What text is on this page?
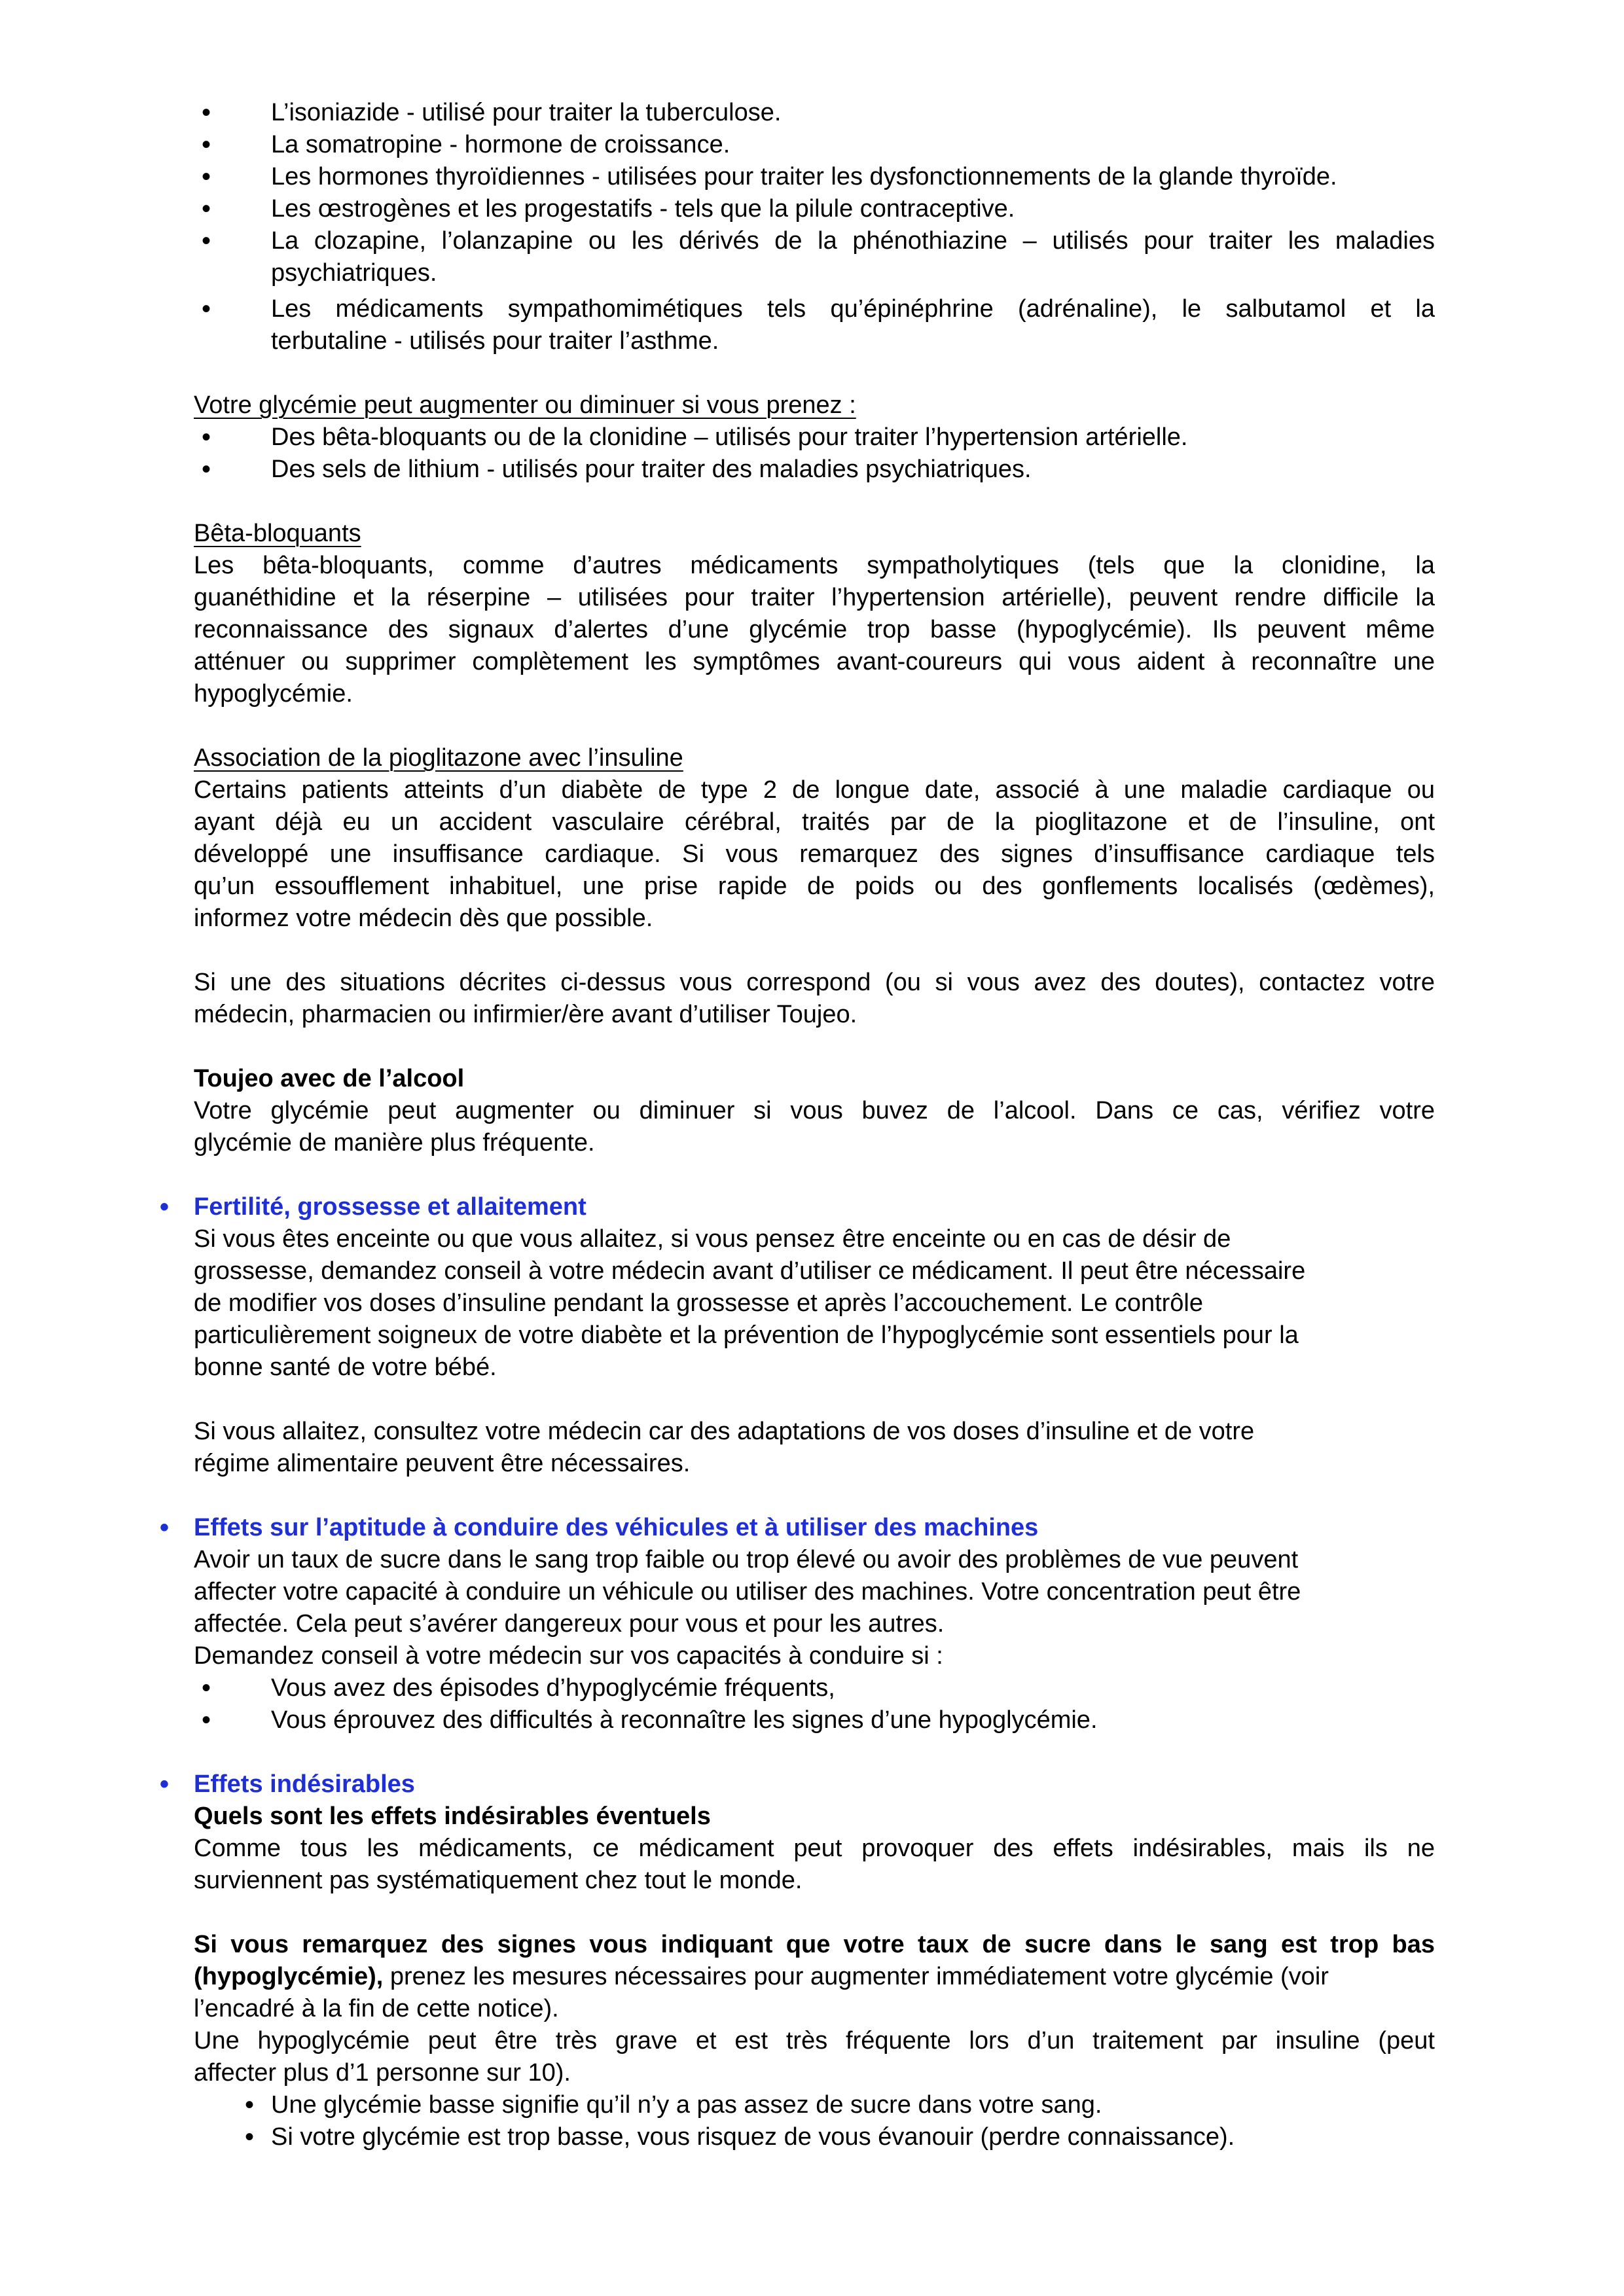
• L’isoniazide - utilisé pour traiter la tuberculose.
• La somatropine - hormone de croissance.
• Les hormones thyroïdiennes - utilisées pour traiter les dysfonctionnements de la glande thyroïde.
• Les œstrogènes et les progestatifs - tels que la pilule contraceptive.
• La clozapine, l’olanzapine ou les dérivés de la phénothiazine – utilisés pour traiter les maladies
psychiatriques.
• Les médicaments sympathomimétiques tels qu’épinéphrine (adrénaline), le salbutamol et la
terbutaline - utilisés pour traiter l’asthme.
Votre glycémie peut augmenter ou diminuer si vous prenez :
• Des bêta-bloquants ou de la clonidine – utilisés pour traiter l’hypertension artérielle.
• Des sels de lithium - utilisés pour traiter des maladies psychiatriques.
Bêta-bloquants
Les bêta-bloquants, comme d’autres médicaments sympatholytiques (tels que la clonidine, la
guanéthidine et la réserpine – utilisées pour traiter l’hypertension artérielle), peuvent rendre difficile la
reconnaissance des signaux d’alertes d’une glycémie trop basse (hypoglycémie). Ils peuvent même
atténuer ou supprimer complètement les symptômes avant-coureurs qui vous aident à reconnaître une
hypoglycémie.
Association de la pioglitazone avec l’insuline
Certains patients atteints d’un diabète de type 2 de longue date, associé à une maladie cardiaque ou
ayant déjà eu un accident vasculaire cérébral, traités par de la pioglitazone et de l’insuline, ont
développé une insuffisance cardiaque. Si vous remarquez des signes d’insuffisance cardiaque tels
qu’un essoufflement inhabituel, une prise rapide de poids ou des gonflements localisés (œdèmes),
informez votre médecin dès que possible.
Si une des situations décrites ci-dessus vous correspond (ou si vous avez des doutes), contactez votre
médecin, pharmacien ou infirmier/ère avant d’utiliser Toujeo.
Toujeo avec de l’alcool
Votre glycémie peut augmenter ou diminuer si vous buvez de l’alcool. Dans ce cas, vérifiez votre
glycémie de manière plus fréquente.
• Fertilité, grossesse et allaitement
Si vous êtes enceinte ou que vous allaitez, si vous pensez être enceinte ou en cas de désir de
grossesse, demandez conseil à votre médecin avant d’utiliser ce médicament. Il peut être nécessaire
de modifier vos doses d’insuline pendant la grossesse et après l’accouchement. Le contrôle
particulièrement soigneux de votre diabète et la prévention de l’hypoglycémie sont essentiels pour la
bonne santé de votre bébé.
Si vous allaitez, consultez votre médecin car des adaptations de vos doses d’insuline et de votre
régime alimentaire peuvent être nécessaires.
• Effets sur l’aptitude à conduire des véhicules et à utiliser des machines
Avoir un taux de sucre dans le sang trop faible ou trop élevé ou avoir des problèmes de vue peuvent
affecter votre capacité à conduire un véhicule ou utiliser des machines. Votre concentration peut être
affectée. Cela peut s’avérer dangereux pour vous et pour les autres.
Demandez conseil à votre médecin sur vos capacités à conduire si :
• Vous avez des épisodes d’hypoglycémie fréquents,
• Vous éprouvez des difficultés à reconnaître les signes d’une hypoglycémie.
• Effets indésirables
Quels sont les effets indésirables éventuels
Comme tous les médicaments, ce médicament peut provoquer des effets indésirables, mais ils ne
surviennent pas systématiquement chez tout le monde.
Si vous remarquez des signes vous indiquant que votre taux de sucre dans le sang est trop bas
(hypoglycémie), prenez les mesures nécessaires pour augmenter immédiatement votre glycémie (voir
l’encadré à la fin de cette notice).
Une hypoglycémie peut être très grave et est très fréquente lors d’un traitement par insuline (peut
affecter plus d’1 personne sur 10).
• Une glycémie basse signifie qu’il n’y a pas assez de sucre dans votre sang.
• Si votre glycémie est trop basse, vous risquez de vous évanouir (perdre connaissance).
